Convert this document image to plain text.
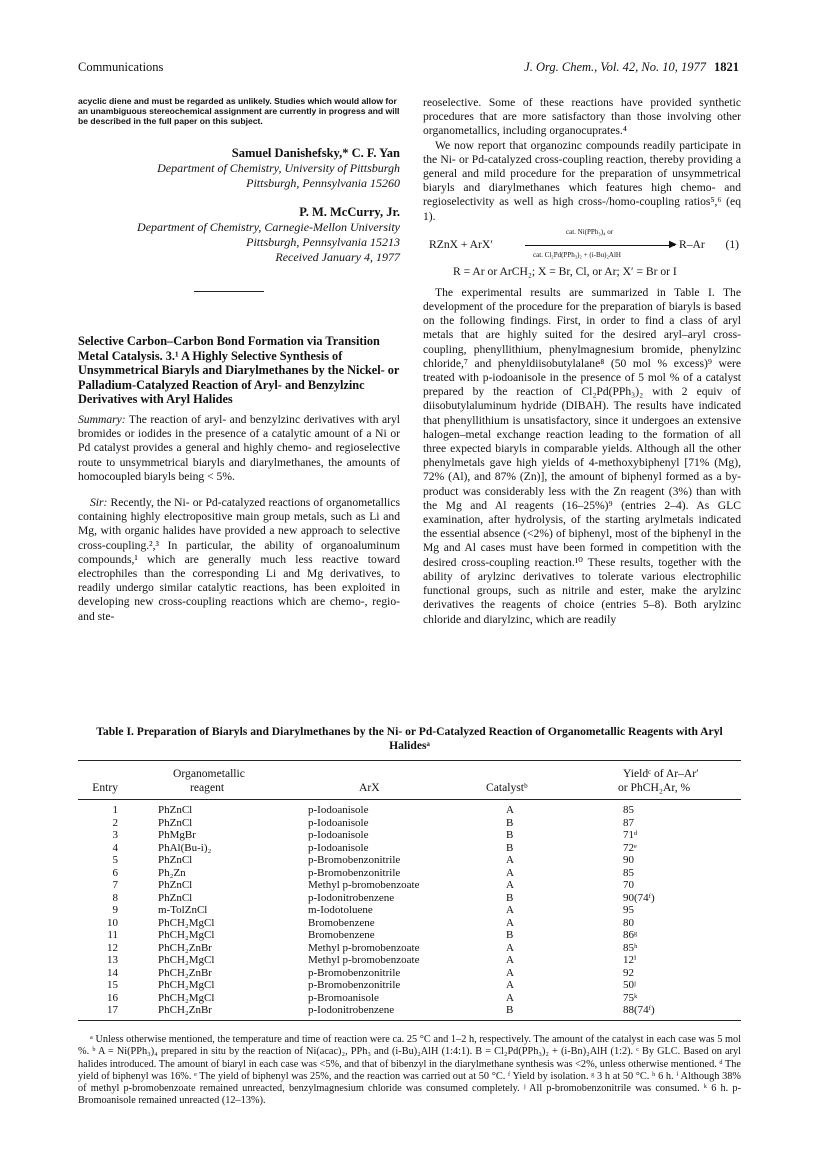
Communications	J. Org. Chem., Vol. 42, No. 10, 1977 1821
acyclic diene and must be regarded as unlikely. Studies which would allow for an unambiguous stereochemical assignment are currently in progress and will be described in the full paper on this subject.
Samuel Danishefsky,* C. F. Yan
Department of Chemistry, University of Pittsburgh
Pittsburgh, Pennsylvania 15260
P. M. McCurry, Jr.
Department of Chemistry, Carnegie-Mellon University
Pittsburgh, Pennsylvania 15213
Received January 4, 1977
Selective Carbon–Carbon Bond Formation via Transition Metal Catalysis. 3.¹ A Highly Selective Synthesis of Unsymmetrical Biaryls and Diarylmethanes by the Nickel- or Palladium-Catalyzed Reaction of Aryl- and Benzylzinc Derivatives with Aryl Halides

Summary: The reaction of aryl- and benzylzinc derivatives with aryl bromides or iodides in the presence of a catalytic amount of a Ni or Pd catalyst provides a general and highly chemo- and regioselective route to unsymmetrical biaryls and diarylmethanes, the amounts of homocoupled biaryls being < 5%.

Sir: Recently, the Ni- or Pd-catalyzed reactions of organometallics containing highly electropositive main group metals, such as Li and Mg, with organic halides have provided a new approach to selective cross-coupling.²,³ In particular, the ability of organoaluminum compounds,¹ which are generally much less reactive toward electrophiles than the corresponding Li and Mg derivatives, to readily undergo similar catalytic reactions, has been exploited in developing new cross-coupling reactions which are chemo-, regio- and ste-

reoselective. Some of these reactions have provided synthetic procedures that are more satisfactory than those involving other organometallics, including organocuprates.⁴

We now report that organozinc compounds readily participate in the Ni- or Pd-catalyzed cross-coupling reaction, thereby providing a general and mild procedure for the preparation of unsymmetrical biaryls and diarylmethanes which features high chemo- and regioselectivity as well as high cross-/homo-coupling ratios⁵,⁶ (eq 1).

RZnX + ArX′
cat. Ni(PPh₃)₄ or
▶
cat. Cl₂Pd(PPh₃)₂ + (i-Bu)₂AlH
R–Ar (1)
R = Ar or ArCH₂; X = Br, Cl, or Ar; X′ = Br or I

The experimental results are summarized in Table I. The development of the procedure for the preparation of biaryls is based on the following findings. First, in order to find a class of aryl metals that are highly suited for the desired aryl–aryl cross-coupling, phenyllithium, phenylmagnesium bromide, phenylzinc chloride,⁷ and phenyldiisobutylalane⁸ (50 mol % excess)⁹ were treated with p-iodoanisole in the presence of 5 mol % of a catalyst prepared by the reaction of Cl₂Pd(PPh₃)₂ with 2 equiv of diisobutylaluminum hydride (DIBAH). The results have indicated that phenyllithium is unsatisfactory, since it undergoes an extensive halogen–metal exchange reaction leading to the formation of all three expected biaryls in comparable yields. Although all the other phenylmetals gave high yields of 4-methoxybiphenyl [71% (Mg), 72% (Al), and 87% (Zn)], the amount of biphenyl formed as a by-product was considerably less with the Zn reagent (3%) than with the Mg and Al reagents (16–25%)⁹ (entries 2–4). As GLC examination, after hydrolysis, of the starting arylmetals indicated the essential absence (<2%) of biphenyl, most of the biphenyl in the Mg and Al cases must have been formed in competition with the desired cross-coupling reaction.¹⁰ These results, together with the ability of arylzinc derivatives to tolerate various electrophilic functional groups, such as nitrile and ester, make the arylzinc derivatives the reagents of choice (entries 5–8). Both arylzinc chloride and diarylzinc, which are readily

Table I. Preparation of Biaryls and Diarylmethanes by the Ni- or Pd-Catalyzed Reaction of Organometallic Reagents with Aryl Halidesᵃ
Entry
Organometallic
reagent	ArX	Catalystᵇ
Yieldᶜ of Ar–Ar′
or PhCH₂Ar, %
1	PhZnCl	p-Iodoanisole	A	85
2	PhZnCl	p-Iodoanisole	B	87
3	PhMgBr	p-Iodoanisole	B	71ᵈ
4	PhAl(Bu-i)₂	p-Iodoanisole	B	72ᵉ
5	PhZnCl	p-Bromobenzonitrile	A	90
6	Ph₂Zn	p-Bromobenzonitrile	A	85
7	PhZnCl	Methyl p-bromobenzoate	A	70
8	PhZnCl	p-Iodonitrobenzene	B	90(74ᶠ)
9	m-TolZnCl	m-Iodotoluene	A	95
10	PhCH₂MgCl	Bromobenzene	A	80
11	PhCH₂MgCl	Bromobenzene	B	86ᵍ
12	PhCH₂ZnBr	Methyl p-bromobenzoate	A	85ʰ
13	PhCH₂MgCl	Methyl p-bromobenzoate	A	12ⁱ
14	PhCH₂ZnBr	p-Bromobenzonitrile	A	92
15	PhCH₂MgCl	p-Bromobenzonitrile	A	50ʲ
16	PhCH₂MgCl	p-Bromoanisole	A	75ᵏ
17	PhCH₂ZnBr	p-Iodonitrobenzene	B	88(74ᶠ)
ᵃ Unless otherwise mentioned, the temperature and time of reaction were ca. 25 °C and 1–2 h, respectively. The amount of the catalyst in each case was 5 mol %. ᵇ A = Ni(PPh₃)₄ prepared in situ by the reaction of Ni(acac)₂, PPh₃ and (i-Bu)₂AlH (1:4:1). B = Cl₂Pd(PPh₃)₂ + (i-Bn)₂AlH (1:2). ᶜ By GLC. Based on aryl halides introduced. The amount of biaryl in each case was <5%, and that of bibenzyl in the diarylmethane synthesis was <2%, unless otherwise mentioned. ᵈ The yield of biphenyl was 16%. ᵉ The yield of biphenyl was 25%, and the reaction was carried out at 50 °C. ᶠ Yield by isolation. ᵍ 3 h at 50 °C. ʰ 6 h. ⁱ Although 38% of methyl p-bromobenzoate remained unreacted, benzylmagnesium chloride was consumed completely. ʲ All p-bromobenzonitrile was consumed. ᵏ 6 h. p-Bromoanisole remained unreacted (12–13%).
